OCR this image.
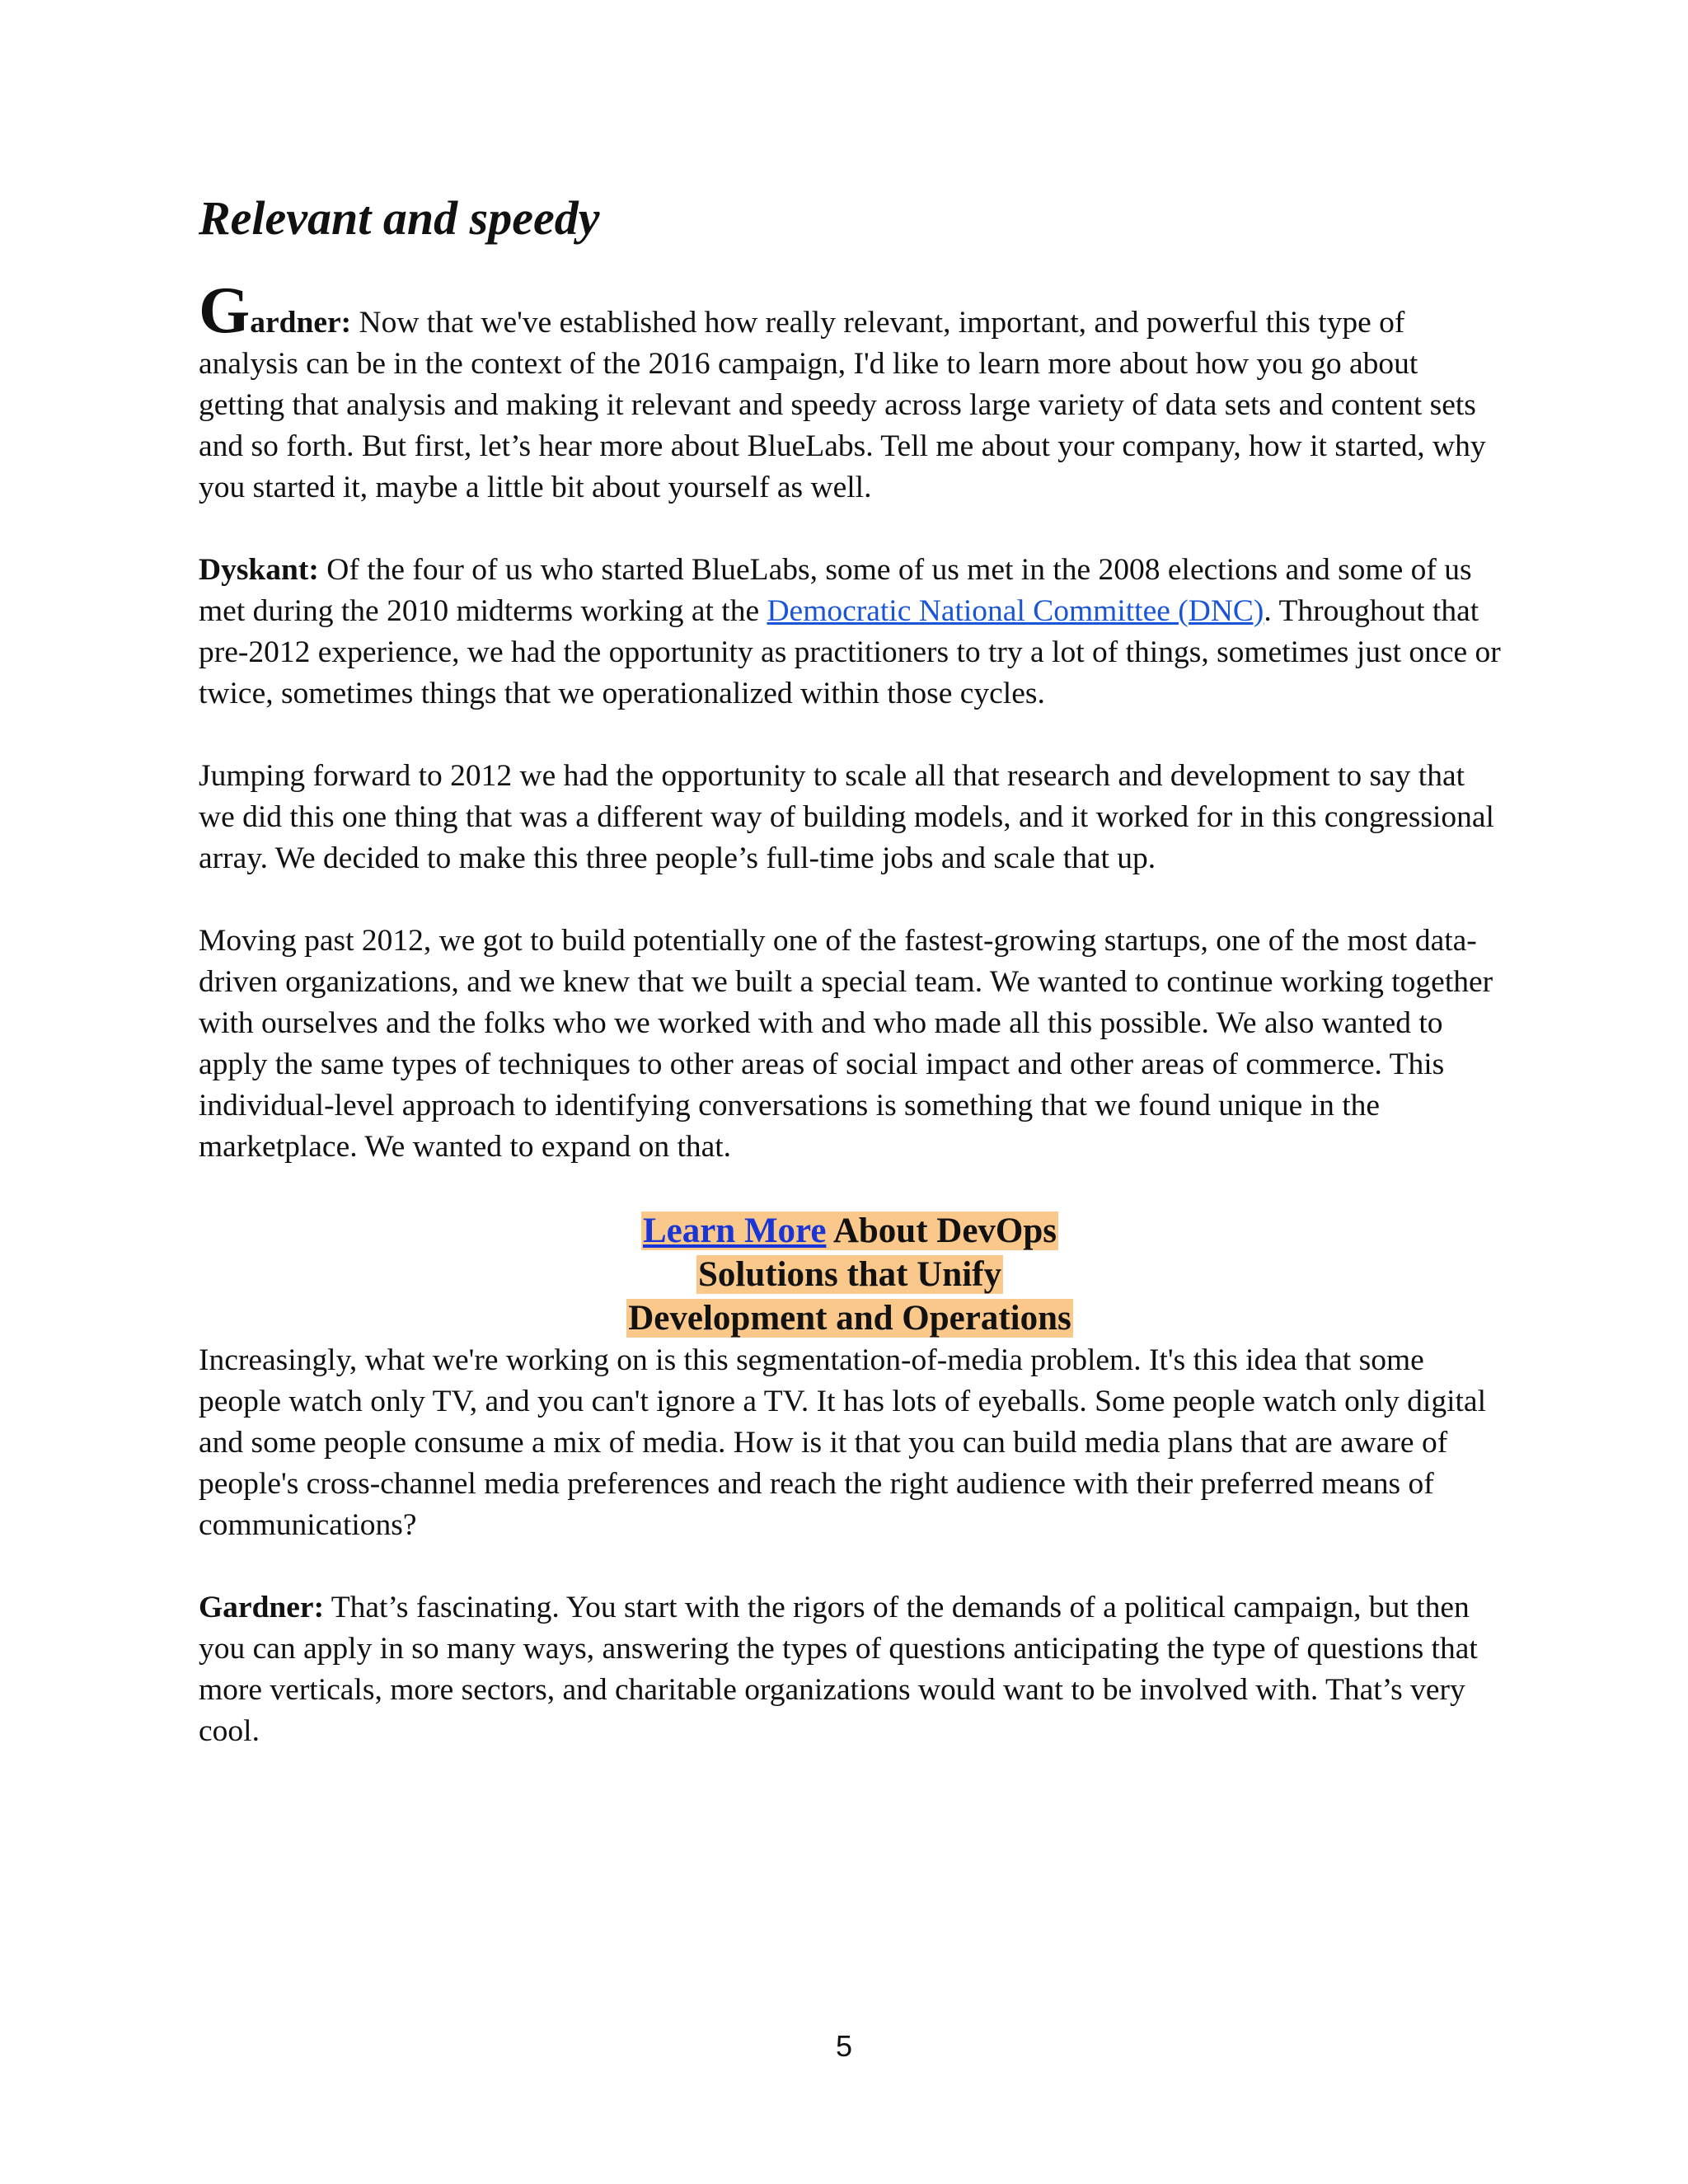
Relevant and speedy

Gardner: Now that we've established how really relevant, important, and powerful this type of analysis can be in the context of the 2016 campaign, I'd like to learn more about how you go about getting that analysis and making it relevant and speedy across large variety of data sets and content sets and so forth. But first, let’s hear more about BlueLabs. Tell me about your company, how it started, why you started it, maybe a little bit about yourself as well.

Dyskant: Of the four of us who started BlueLabs, some of us met in the 2008 elections and some of us met during the 2010 midterms working at the Democratic National Committee (DNC). Throughout that pre-2012 experience, we had the opportunity as practitioners to try a lot of things, sometimes just once or twice, sometimes things that we operationalized within those cycles.

Jumping forward to 2012 we had the opportunity to scale all that research and development to say that we did this one thing that was a different way of building models, and it worked for in this congressional array. We decided to make this three people’s full-time jobs and scale that up.

Moving past 2012, we got to build potentially one of the fastest-growing startups, one of the most data-driven organizations, and we knew that we built a special team. We wanted to continue working together with ourselves and the folks who we worked with and who made all this possible. We also wanted to apply the same types of techniques to other areas of social impact and other areas of commerce. This individual-level approach to identifying conversations is something that we found unique in the marketplace. We wanted to expand on that.

Learn More About DevOps
Solutions that Unify
Development and Operations

Increasingly, what we're working on is this segmentation-of-media problem. It's this idea that some people watch only TV, and you can't ignore a TV. It has lots of eyeballs. Some people watch only digital and some people consume a mix of media. How is it that you can build media plans that are aware of people's cross-channel media preferences and reach the right audience with their preferred means of communications?

Gardner: That’s fascinating. You start with the rigors of the demands of a political campaign, but then you can apply in so many ways, answering the types of questions anticipating the type of questions that more verticals, more sectors, and charitable organizations would want to be involved with. That’s very cool.

5
